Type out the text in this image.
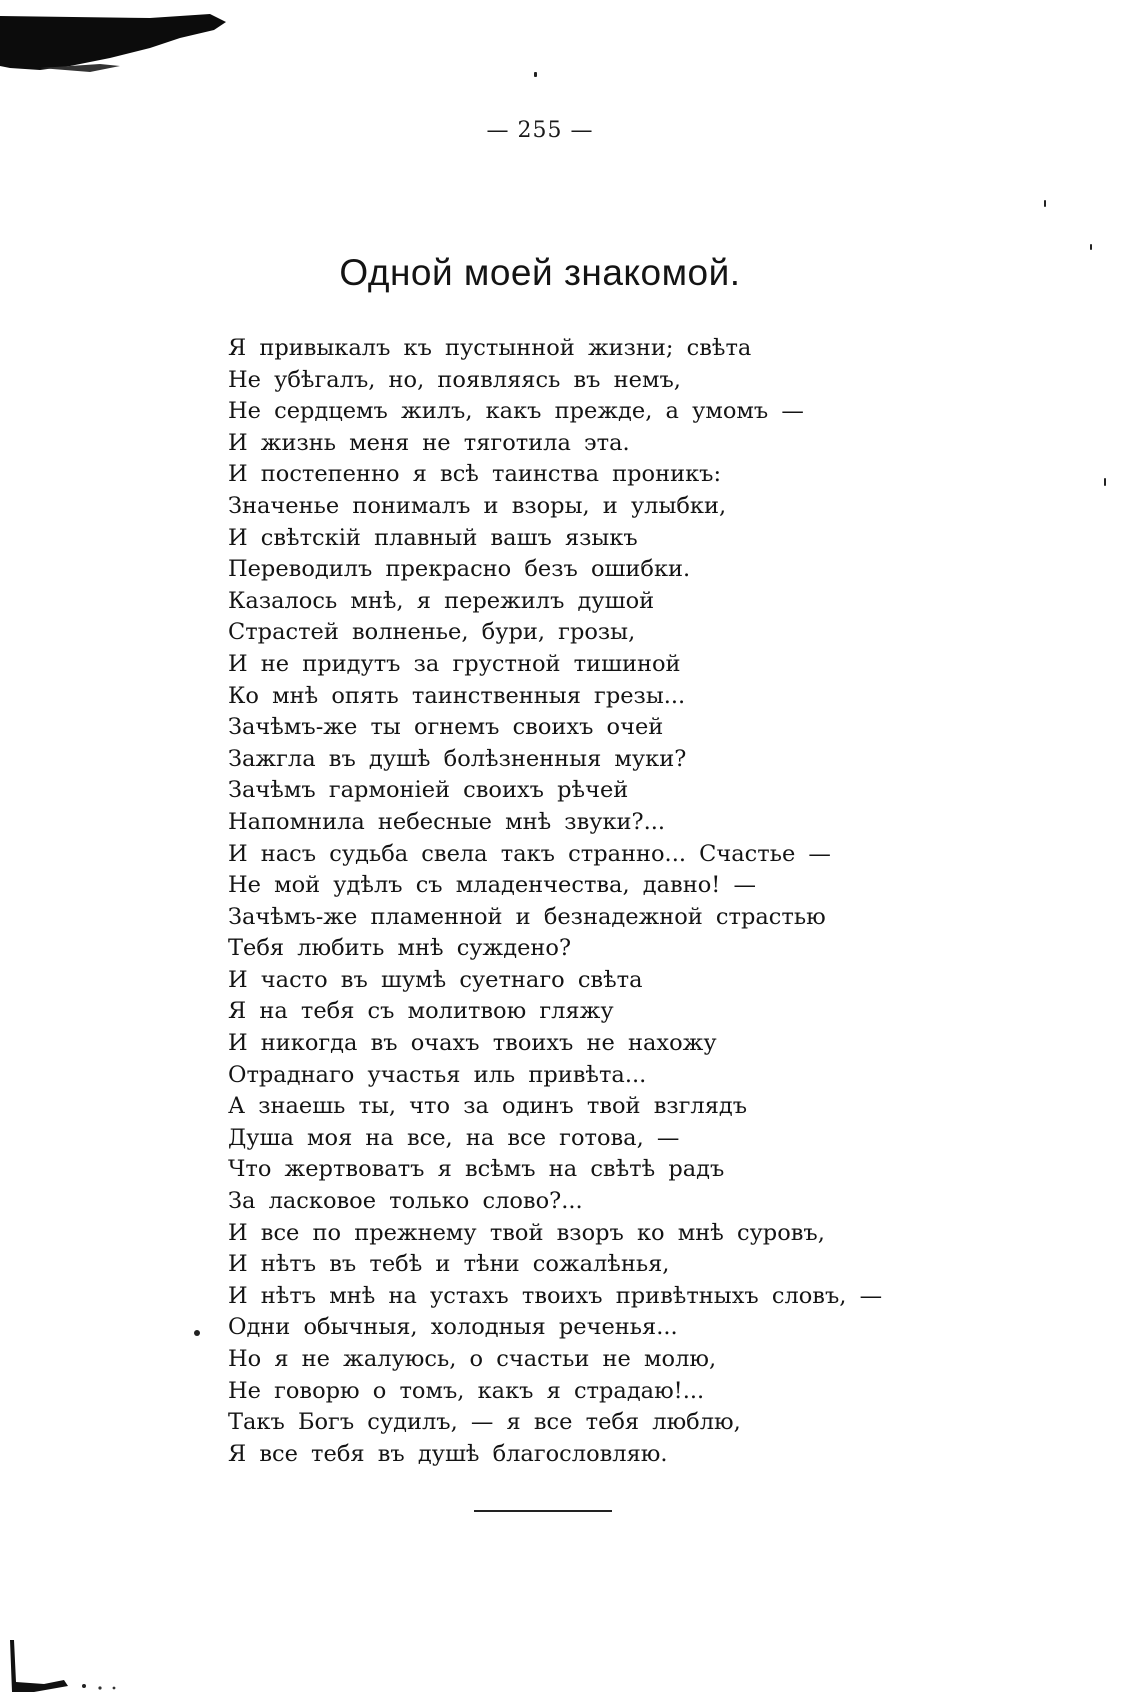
— 255 —
Одной моей знакомой.
Я привыкалъ къ пустынной жизни; свѣта
Не убѣгалъ, но, появляясь въ немъ,
Не сердцемъ жилъ, какъ прежде, а умомъ —
И жизнь меня не тяготила эта.
И постепенно я всѣ таинства проникъ:
Значенье понималъ и взоры, и улыбки,
И свѣтскій плавный вашъ языкъ
Переводилъ прекрасно безъ ошибки.
Казалось мнѣ, я пережилъ душой
Страстей волненье, бури, грозы,
И не придутъ за грустной тишиной
Ко мнѣ опять таинственныя грезы...
Зачѣмъ-же ты огнемъ своихъ очей
Зажгла въ душѣ болѣзненныя муки?
Зачѣмъ гармоніей своихъ рѣчей
Напомнила небесные мнѣ звуки?...
И насъ судьба свела такъ странно... Счастье —
Не мой удѣлъ съ младенчества, давно! —
Зачѣмъ-же пламенной и безнадежной страстью
Тебя любить мнѣ суждено?
И часто въ шумѣ суетнаго свѣта
Я на тебя съ молитвою гляжу
И никогда въ очахъ твоихъ не нахожу
Отраднаго участья иль привѣта...
А знаешь ты, что за одинъ твой взглядъ
Душа моя на все, на все готова, —
Что жертвоватъ я всѣмъ на свѣтѣ радъ
За ласковое только слово?...
И все по прежнему твой взоръ ко мнѣ суровъ,
И нѣтъ въ тебѣ и тѣни сожалѣнья,
И нѣтъ мнѣ на устахъ твоихъ привѣтныхъ словъ, —
Одни обычныя, холодныя реченья...
Но я не жалуюсь, о счастьи не молю,
Не говорю о томъ, какъ я страдаю!...
Такъ Богъ судилъ, — я все тебя люблю,
Я все тебя въ душѣ благословляю.
